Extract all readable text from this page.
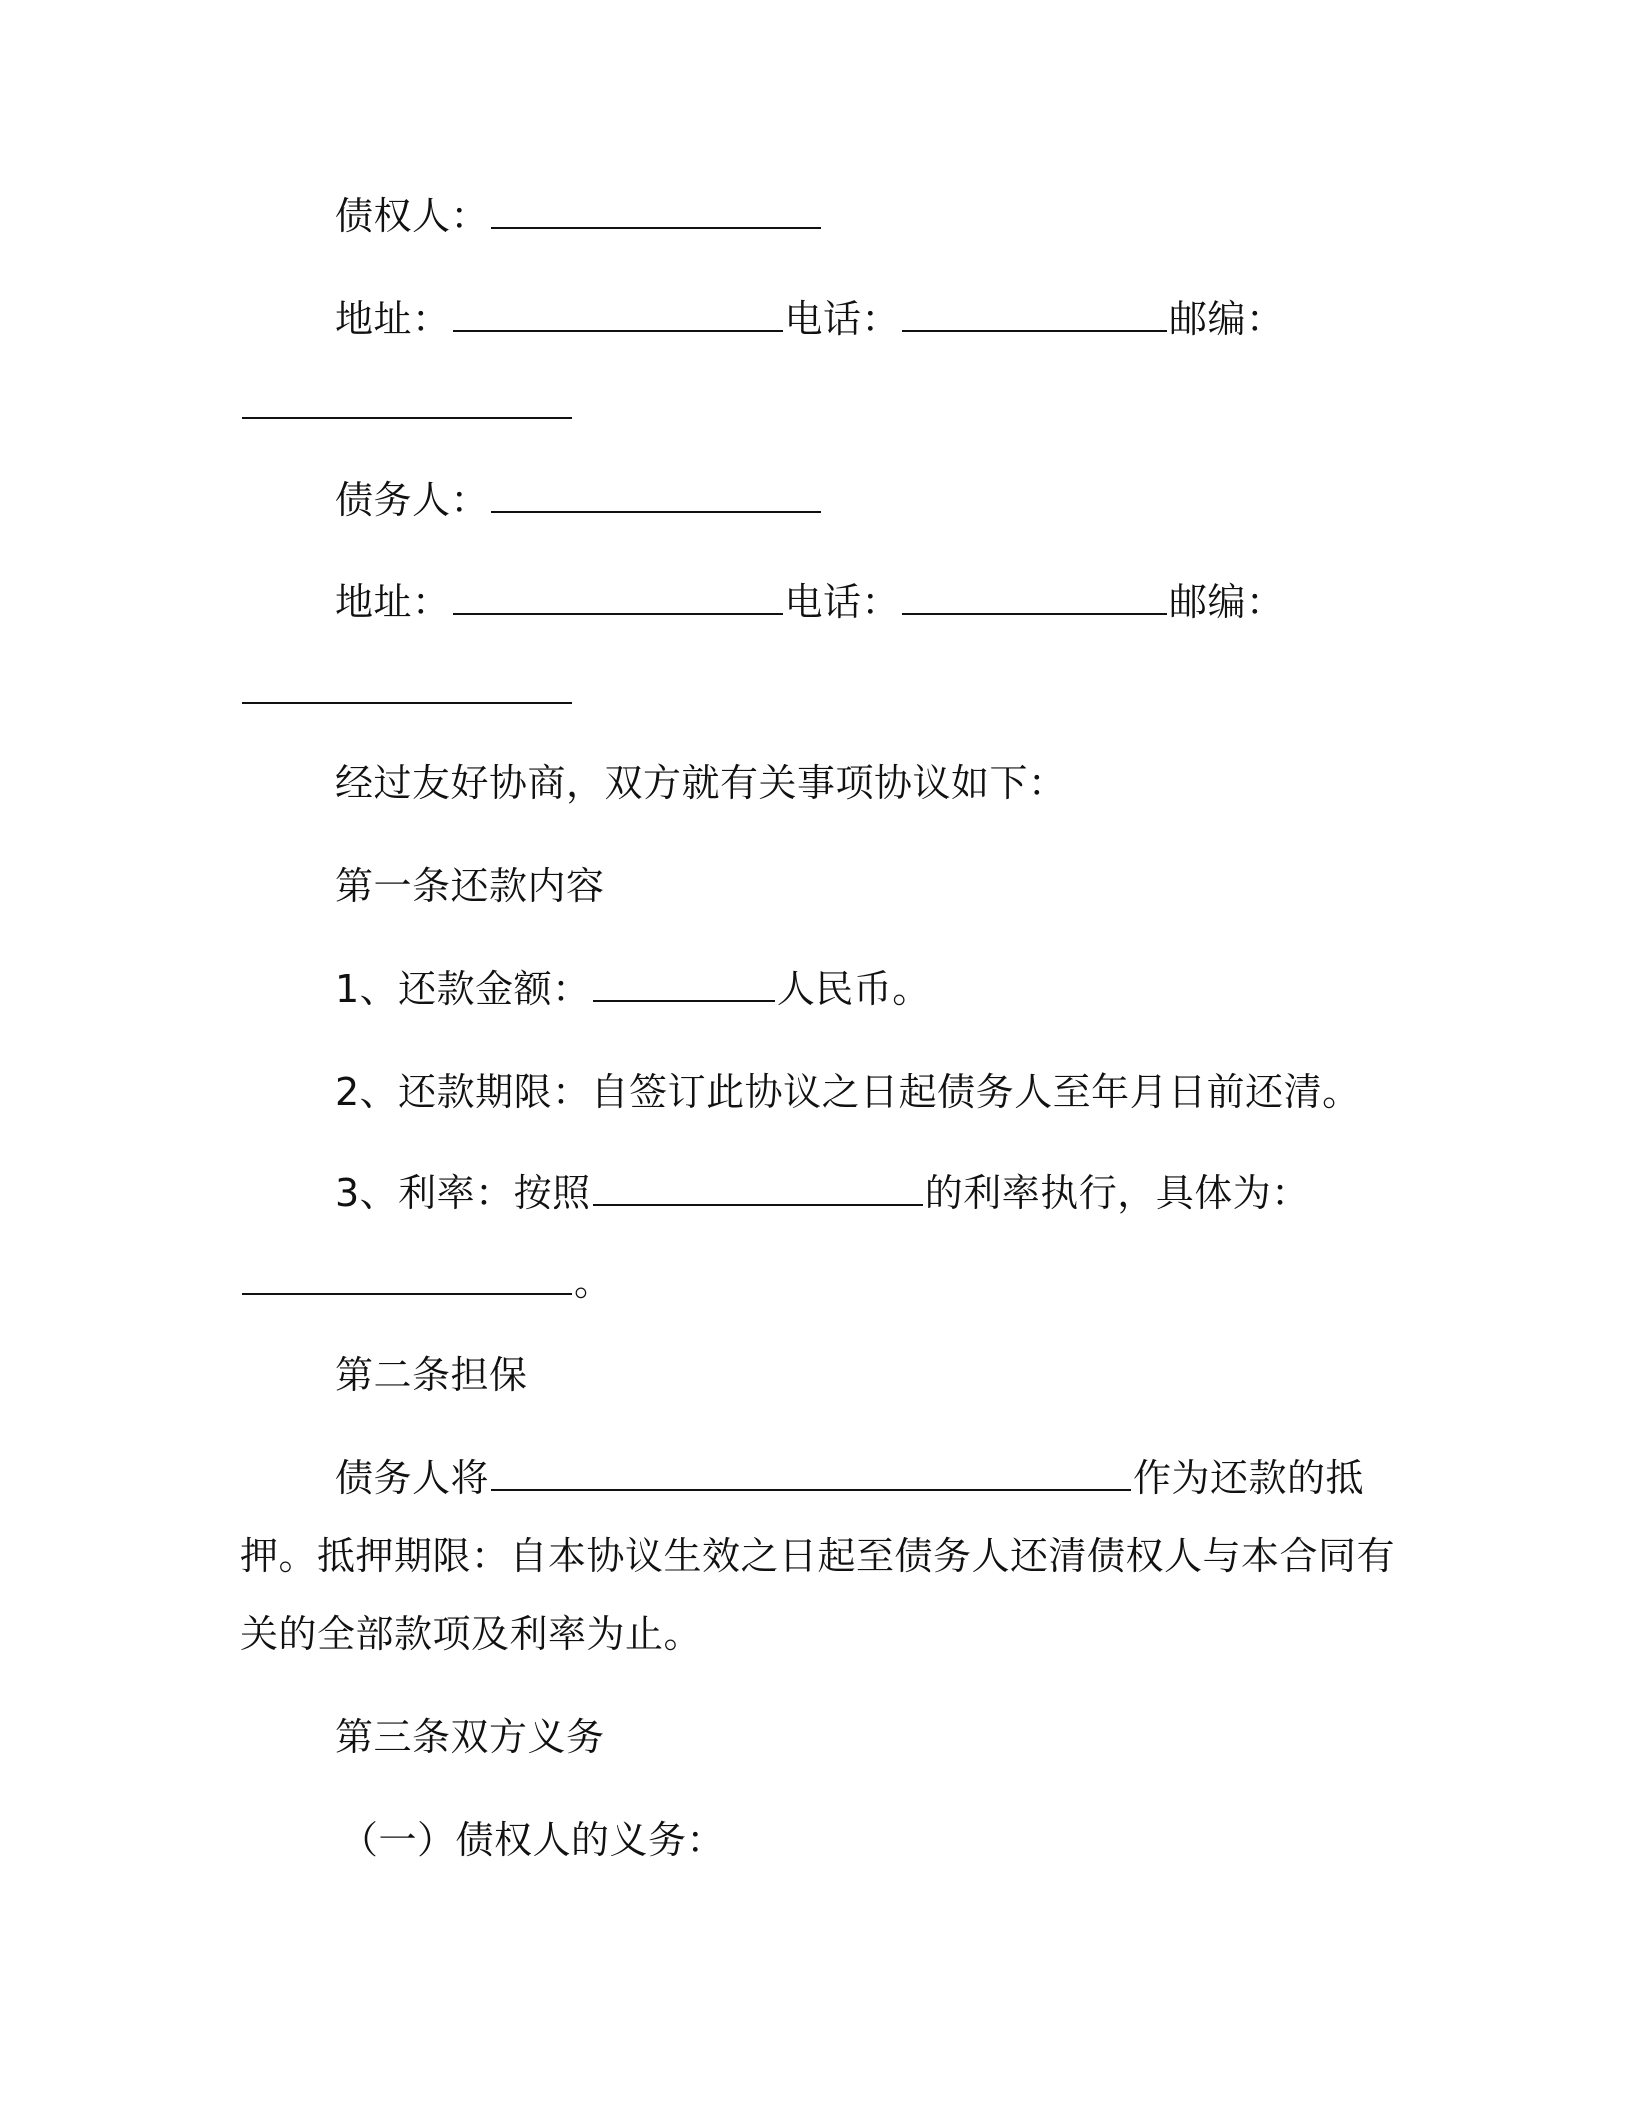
债权人：
地址：	电话：	邮编：
债务人：
地址：	电话：	邮编：
经过友好协商，双方就有关事项协议如下：
第一条还款内容
1、还款金额：	人民币。
2、还款期限：自签订此协议之日起债务人至年月日前还清。
3、利率：按照	的利率执行，具体为：
。
第二条担保
债务人将	作为还款的抵
押。抵押期限：自本协议生效之日起至债务人还清债权人与本合同有
关的全部款项及利率为止。
第三条双方义务
（一）债权人的义务：
